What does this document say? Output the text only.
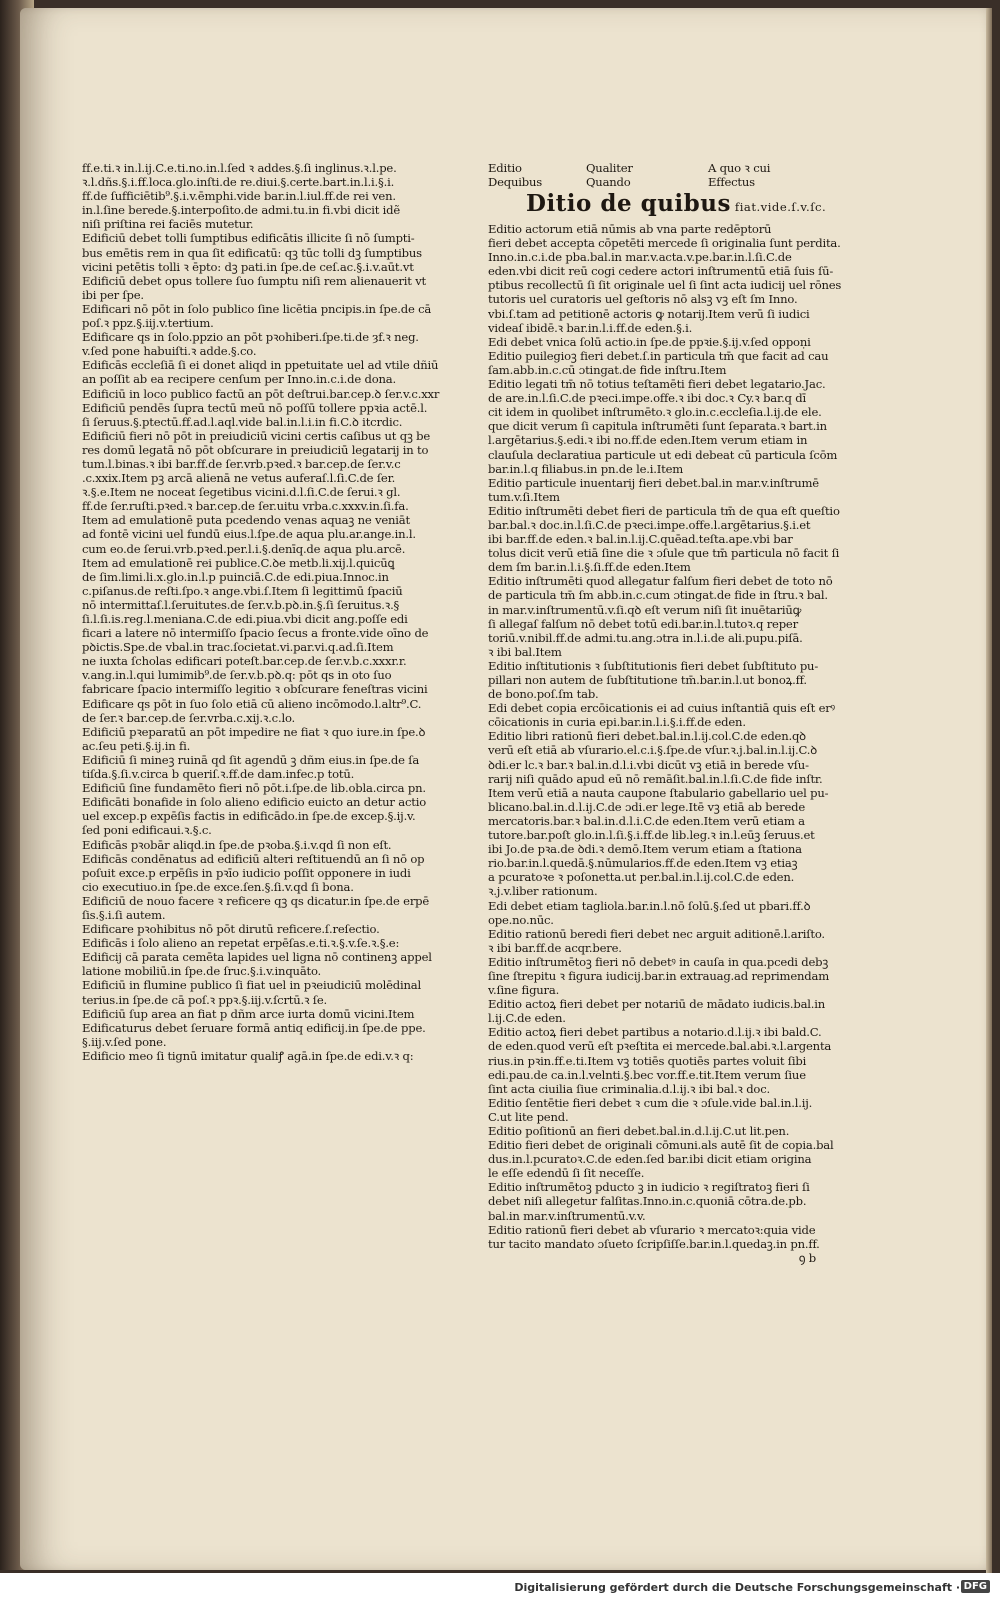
ff.e.ti.ꝛ in.l.ij.C.e.ti.no.in.l.ſed ꝛ addes.§.ſi inglinus.ꝛ.l.pe.
ꝛ.l.dñs.§.i.ff.loca.glo.inſti.de re.diui.§.certe.bart.in.l.i.§.i.
ff.de ſufficiētib⁹.§.i.v.ēmphi.vide bar.in.l.iul.ff.de rei ven.
in.l.ſine berede.§.interpoſito.de admi.tu.in fi.vbi dicit idẽ
niſi priſtina rei faciēs mutetur.
Edificiū debet tolli ſumptibus edificātis illicite ſi nō ſumpti-
bus emētis rem in qua ſit edificatū: qꝫ tūc tolli dꝫ ſumptibus
vicini petētis tolli ꝛ ēpto: dꝫ pati.in ſpe.de ceſ.ac.§.i.v.aūt.vt
Edificiū debet opus tollere ſuo ſumptu niſi rem alienauerit vt
ibi per ſpe.
Edificari nō pōt in ſolo publico ſine licētia pncipis.in ſpe.de cā
poſ.ꝛ ppz.§.iij.v.tertium.
Edificare qs in ſolo.ppzio an pōt pꝛohiberi.ſpe.ti.de ȝf.ꝛ neg.
v.ſed pone habuiſti.ꝛ adde.§.co.
Edificās eccleſiā ſi ei donet aliqd in ppetuitate uel ad vtile dñiū
an poſſit ab ea recipere cenſum per Inno.in.c.i.de dona.
Edificiū in loco publico factū an pōt deſtrui.bar.cep.ꝺ ſer.v.c.xxr
Edificiū pendēs ſupra tectū meū nō poſſū tollere ppꝛia actē.l.
ſi ſeruus.§.ptectū.ff.ad.l.aql.vide bal.in.l.i.in fi.C.ꝺ itcrdic.
Edificiū fieri nō pōt in preiudiciū vicini certis caſibus ut qꝫ be
res domū legatā nō pōt obſcurare in preiudiciū legatarij in to
tum.l.binas.ꝛ ibi bar.ff.de ſer.vrb.pꝛed.ꝛ bar.cep.de ſer.v.c
.c.xxix.Item pꝫ arcā alienā ne vetus auferaſ.l.ſi.C.de ſer.
ꝛ.§.e.Item ne noceat ſegetibus vicini.d.l.ſi.C.de ſerui.ꝛ gl.
ff.de ſer.ruſti.pꝛed.ꝛ bar.cep.de ſer.uitu vrba.c.xxxv.in.ſi.fa.
Item ad emulationē puta pcedendo venas aquaꝫ ne veniāt
ad fontē vicini uel fundū eius.l.ſpe.de aqua plu.ar.ange.in.l.
cum eo.de ſerui.vrb.pꝛed.per.l.i.§.denīq.de aqua plu.arcē.
Item ad emulationē rei publice.C.ꝺe metb.li.xij.l.quicūꝗ
de ſim.limi.li.x.glo.in.l.p puinciā.C.de edi.piua.Innoc.in
c.piſanus.de reſti.ſpo.ꝛ ange.vbi.ſ.Item ſi legittimū ſpaciū
nō intermittaſ.l.ſeruitutes.de ſer.v.b.pꝺ.in.§.ſi ſeruitus.ꝛ.§
ſi.l.ſi.is.reg.l.meniana.C.de edi.piua.vbi dicit ang.poſſe edi
ficari a latere nō intermiſſo ſpacio ſecus a fronte.vide oīno de
pꝺictis.Spe.de vbal.in trac.ſocietat.vi.par.vi.q.ad.ſi.Item
ne iuxta ſcholas edificari poteſt.bar.cep.de ſer.v.b.c.xxxr.r.
v.ang.in.l.qui lumimib⁹.de ſer.v.b.pꝺ.q: pōt qs in oto ſuo
fabricare ſpacio intermiſſo legitio ꝛ obſcurare feneſtras vicini
Edificare qs pōt in ſuo ſolo etiā cū alieno incōmodo.l.altr⁹.C.
de ſer.ꝛ bar.cep.de ſer.vrba.c.xij.ꝛ.c.lo.
Edificiū pꝛeparatū an pōt impedire ne fiat ꝛ quo iure.in ſpe.ꝺ
ac.ſeu peti.§.ij.in fi.
Edificiū ſi mineꝫ ruinā qd ſit agendū ꝫ dñm eius.in ſpe.de ſa
tiſda.§.ſi.v.circa b queriſ.ꝛ.ff.de dam.infec.p totū.
Edificiū ſine fundamēto fieri nō pōt.i.ſpe.de lib.obla.circa pn.
Edificāti bonafide in ſolo alieno edificio euicto an detur actio
uel excep.p expēſis factis in edificādo.in ſpe.de excep.§.ij.v.
ſed poni edificaui.ꝛ.§.c.
Edificās pꝛobār aliqd.in ſpe.de pꝛoba.§.i.v.qd ſi non eſt.
Edificās condēnatus ad edificiū alteri reſtituendū an ſi nō op
poſuit exce.p erpēſis in pꝛīo iudicio poſſit opponere in iudi
cio executiuo.in ſpe.de exce.ſen.§.ſi.v.qd ſi bona.
Edificiū de nouo facere ꝛ reficere qꝫ qs dicatur.in ſpe.de erpē
ſis.§.i.ſi autem.
Edificare pꝛohibitus nō pōt dirutū reficere.ſ.reſectio.
Edificās i ſolo alieno an repetat erpēſas.e.ti.ꝛ.§.v.ſe.ꝛ.§.e:
Edificij cā parata cemēta lapides uel ligna nō continenꝫ appel
latione mobiliū.in ſpe.de ſruc.§.i.v.inquāto.
Edificiū in flumine publico ſi fiat uel in pꝛeiudiciū molēdinal
terius.in ſpe.de cā poſ.ꝛ ppꝛ.§.iij.v.ſcrtū.ꝛ ſe.
Edificiū ſup area an fiat p dñm arce iurta domū vicini.Item
Edificaturus debet ſeruare formā antiq edificij.in ſpe.de ppe.
§.iij.v.ſed pone.
Edificio meo ſi tignū imitatur qualiꝭ agā.in ſpe.de edi.v.ꝛ q:
Editio	Qualiter	A quo ꝛ cui
Dequibus	Quando	Effectus
Ditio de quibus fiat.vide.ſ.v.ſc.
Editio actorum etiā nūmis ab vna parte redēptorū
fieri debet accepta cōpetēti mercede ſi originalia ſunt perdita.
Inno.in.c.i.de pba.bal.in mar.v.acta.v.pe.bar.in.l.ſi.C.de
eden.vbi dicit reū cogi cedere actori inſtrumentū etiā ſuis ſū-
ptibus recollectū ſi ſit originale uel ſi ſint acta iudicij uel rōnes
tutoris uel curatoris uel geſtoris nō alsꝫ vꝫ eſt ſm Inno.
vbi.ſ.tam ad petitionē actoris ꝙ notarij.Item verū ſi iudici
videaſ ibidē.ꝛ bar.in.l.i.ff.de eden.§.i.
Edi debet vnica ſolū actio.in ſpe.de ppꝛie.§.ij.v.ſed oppoṇi
Editio puilegioꝫ fieri debet.ſ.in particula tm̄ que facit ad cau
ſam.abb.in.c.cū ɔtingat.de fide inſtru.Item
Editio legati tm̄ nō totius teſtamēti fieri debet legatario.Jac.
de are.in.l.ſi.C.de pꝛeci.impe.offe.ꝛ ibi doc.ꝛ Cy.ꝛ bar.q dī
cit idem in quolibet inſtrumēto.ꝛ glo.in.c.eccleſia.l.ij.de ele.
que dicit verum ſi capitula inſtrumēti ſunt ſeparata.ꝛ bart.in
l.argētarius.§.edi.ꝛ ibi no.ff.de eden.Item verum etiam in
clauſula declaratiua particule ut edi debeat cū particula ſcōm
bar.in.l.q filiabus.in pn.de le.i.Item
Editio particule inuentarij fieri debet.bal.in mar.v.inſtrumē
tum.v.ſi.Item
Editio inſtrumēti debet fieri de particula tm̄ de qua eſt queſtio
bar.bal.ꝛ doc.in.l.ſi.C.de pꝛeci.impe.offe.l.argētarius.§.i.et
ibi bar.ff.de eden.ꝛ bal.in.l.ij.C.quēad.teſta.ape.vbi bar
tolus dicit verū etiā ſine die ꝛ ɔſule que tm̄ particula nō facit ſi
dem ſm bar.in.l.i.§.ſi.ff.de eden.Item
Editio inſtrumēti quod allegatur falſum fieri debet de toto nō
de particula tm̄ ſm abb.in.c.cum ɔtingat.de fide in ſtru.ꝛ bal.
in mar.v.inſtrumentū.v.ſi.qꝺ eſt verum niſi ſit inuētariūꝙ
ſi allegaſ falſum nō debet totū edi.bar.in.l.tutoꝛ.q reper
toriū.v.nibil.ff.de admi.tu.ang.ɔtra in.l.i.de ali.pupu.piſā.
ꝛ ibi bal.Item
Editio inſtitutionis ꝛ ſubſtitutionis fieri debet ſubſtituto pu-
pillari non autem de ſubſtitutione tm̄.bar.in.l.ut bonoꝝ.ff.
de bono.poſ.ſm tab.
Edi debet copia ercōicationis ei ad cuius inſtantiā quis eſt erꝰ
cōicationis in curia epi.bar.in.l.i.§.i.ff.de eden.
Editio libri rationū fieri debet.bal.in.l.ij.col.C.de eden.qꝺ
verū eſt etiā ab vſurario.el.c.i.§.ſpe.de vſur.ꝛ.j.bal.in.l.ij.C.ꝺ
ꝺdi.er lc.ꝛ bar.ꝛ bal.in.d.l.i.vbi dicūt vꝫ etiā in berede vſu-
rarij niſi quādo apud eū nō remāſit.bal.in.l.ſi.C.de fide inſtr.
Item verū etiā a nauta caupone ſtabulario gabellario uel pu-
blicano.bal.in.d.l.ij.C.de ɔdi.er lege.Itē vꝫ etiā ab berede
mercatoris.bar.ꝛ bal.in.d.l.i.C.de eden.Item verū etiam a
tutore.bar.poſt glo.in.l.ſi.§.i.ff.de lib.leg.ꝛ in.l.eūꝫ ſeruus.et
ibi Jo.de pꝛa.de ꝺdi.ꝛ demō.Item verum etiam a ſtationa
rio.bar.in.l.quedā.§.nūmularios.ff.de eden.Item vꝫ etiaꝫ
a pcuratoꝛe ꝛ poſonetta.ut per.bal.in.l.ij.col.C.de eden.
ꝛ.j.v.liber rationum.
Edi debet etiam tagliola.bar.in.l.nō ſolū.§.ſed ut pbari.ff.ꝺ
ope.no.nūc.
Editio rationū beredi fieri debet nec arguit aditionē.l.ariſto.
ꝛ ibi bar.ff.de acqr.bere.
Editio inſtrumētoꝫ fieri nō debetꝰ in cauſa in qua.pcedi debꝫ
ſine ſtrepitu ꝛ figura iudicij.bar.in extrauag.ad reprimendam
v.ſine figura.
Editio actoꝝ fieri debet per notariū de mādato iudicis.bal.in
l.ij.C.de eden.
Editio actoꝝ fieri debet partibus a notario.d.l.ij.ꝛ ibi bald.C.
de eden.quod verū eſt pꝛeſtita ei mercede.bal.abi.ꝛ.l.argenta
rius.in pꝛin.ff.e.ti.Item vꝫ totiēs quotiēs partes voluit ſibi
edi.pau.de ca.in.l.velnti.§.bec vor.ff.e.tit.Item verum ſiue
ſint acta ciuilia ſiue criminalia.d.l.ij.ꝛ ibi bal.ꝛ doc.
Editio ſentētie fieri debet ꝛ cum die ꝛ ɔſule.vide bal.in.l.ij.
C.ut lite pend.
Editio poſitionū an fieri debet.bal.in.d.l.ij.C.ut lit.pen.
Editio fieri debet de originali cōmuni.als autē ſit de copia.bal
dus.in.l.pcuratoꝛ.C.de eden.ſed bar.ibi dicit etiam origina
le eſſe edendū ſi ſit neceſſe.
Editio inſtrumētoꝫ pducto ꝫ in iudicio ꝛ regiſtratoꝫ fieri ſi
debet niſi allegetur falſitas.Inno.in.c.quoniā cōtra.de.pb.
bal.in mar.v.inſtrumentū.v.v.
Editio rationū fieri debet ab vſurario ꝛ mercatoꝛ:quia vide
tur tacito mandato ɔſueto ſcripſiſſe.bar.in.l.quedaꝫ.in pn.ff.
ꝯ b
Digitalisierung gefördert durch die Deutsche Forschungsgemeinschaft · DFG
